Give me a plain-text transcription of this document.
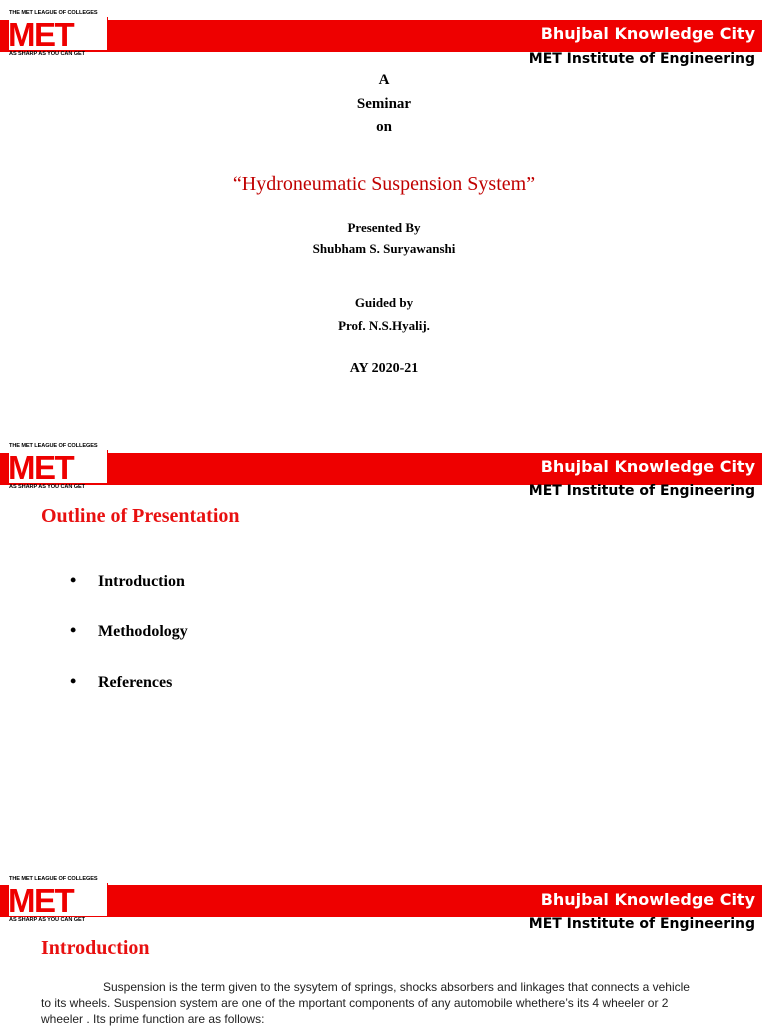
THE MET LEAGUE OF COLLEGES
MET
AS SHARP AS YOU CAN GET
Bhujbal Knowledge City
MET Institute of Engineering
A
Seminar
on
“Hydroneumatic Suspension System”
Presented By
Shubham S. Suryawanshi
Guided by
Prof. N.S.Hyalij.
AY 2020-21
THE MET LEAGUE OF COLLEGES
MET
AS SHARP AS YOU CAN GET
Bhujbal Knowledge City
MET Institute of Engineering
Outline of Presentation
• Introduction
• Methodology
• References
THE MET LEAGUE OF COLLEGES
MET
AS SHARP AS YOU CAN GET
Bhujbal Knowledge City
MET Institute of Engineering
Introduction
Suspension is the term given to the sysytem of springs, shocks absorbers and linkages that connects a vehicle to its wheels. Suspension system are one of the mportant components of any automobile whethere’s its 4 wheeler or 2 wheeler . Its prime function are as follows:
